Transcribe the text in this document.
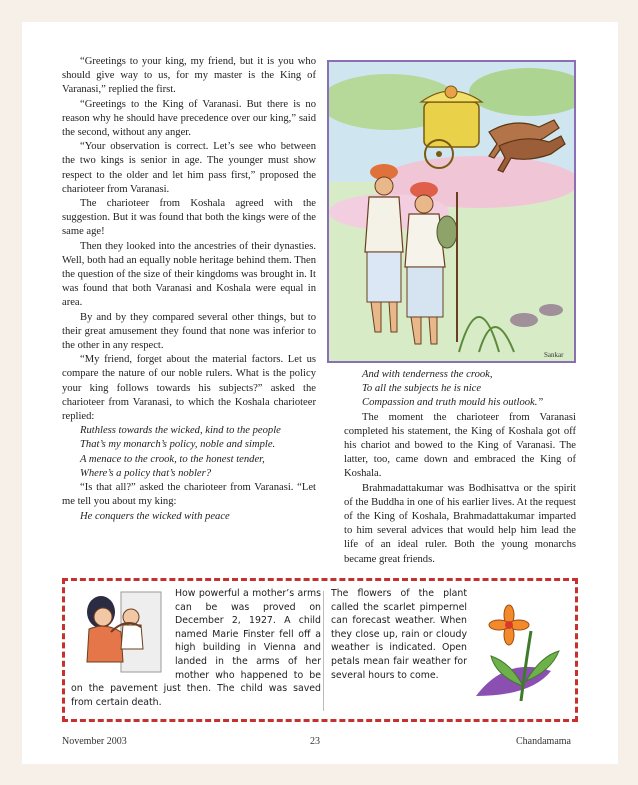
“Greetings to your king, my friend, but it is you who should give way to us, for my master is the King of Varanasi,” replied the first.

“Greetings to the King of Varanasi. But there is no reason why he should have precedence over our king,” said the second, without any anger.

“Your observation is correct. Let’s see who between the two kings is senior in age. The younger must show respect to the older and let him pass first,” proposed the charioteer from Varanasi.

The charioteer from Koshala agreed with the suggestion. But it was found that both the kings were of the same age!

Then they looked into the ancestries of their dynasties. Well, both had an equally noble heritage behind them. Then the question of the size of their kingdoms was brought in. It was found that both Varanasi and Koshala were equal in area.

By and by they compared several other things, but to their great amusement they found that none was inferior to the other in any respect.

“My friend, forget about the material factors. Let us compare the nature of our noble rulers. What is the policy your king follows towards his subjects?” asked the charioteer from Varanasi, to which the Koshala charioteer replied:

Ruthless towards the wicked, kind to the people

That’s my monarch’s policy, noble and simple.

A menace to the crook, to the honest tender,

Where’s a policy that’s nobler?

“Is that all?” asked the charioteer from Varanasi. “Let me tell you about my king:

He conquers the wicked with peace

Sankar

And with tenderness the crook,

To all the subjects he is nice

Compassion and truth mould his outlook.”

The moment the charioteer from Varanasi completed his statement, the King of Koshala got off his chariot and bowed to the King of Varanasi. The latter, too, came down and embraced the King of Koshala.

Brahmadattakumar was Bodhisattva or the spirit of the Buddha in one of his earlier lives. At the request of the King of Koshala, Brahmadattakumar imparted to him several advices that would help him lead the life of an ideal ruler. Both the young monarchs became great friends.

How powerful a mother’s arms can be was proved on December 2, 1927. A child named Marie Finster fell off a high building in Vienna and landed in the arms of her mother who happened to be on the pavement just then. The child was saved from certain death.
The flowers of the plant called the scarlet pimpernel can forecast weather. When they close up, rain or cloudy weather is indicated. Open petals mean fair weather for several hours to come.
November 2003	23	Chandamama
